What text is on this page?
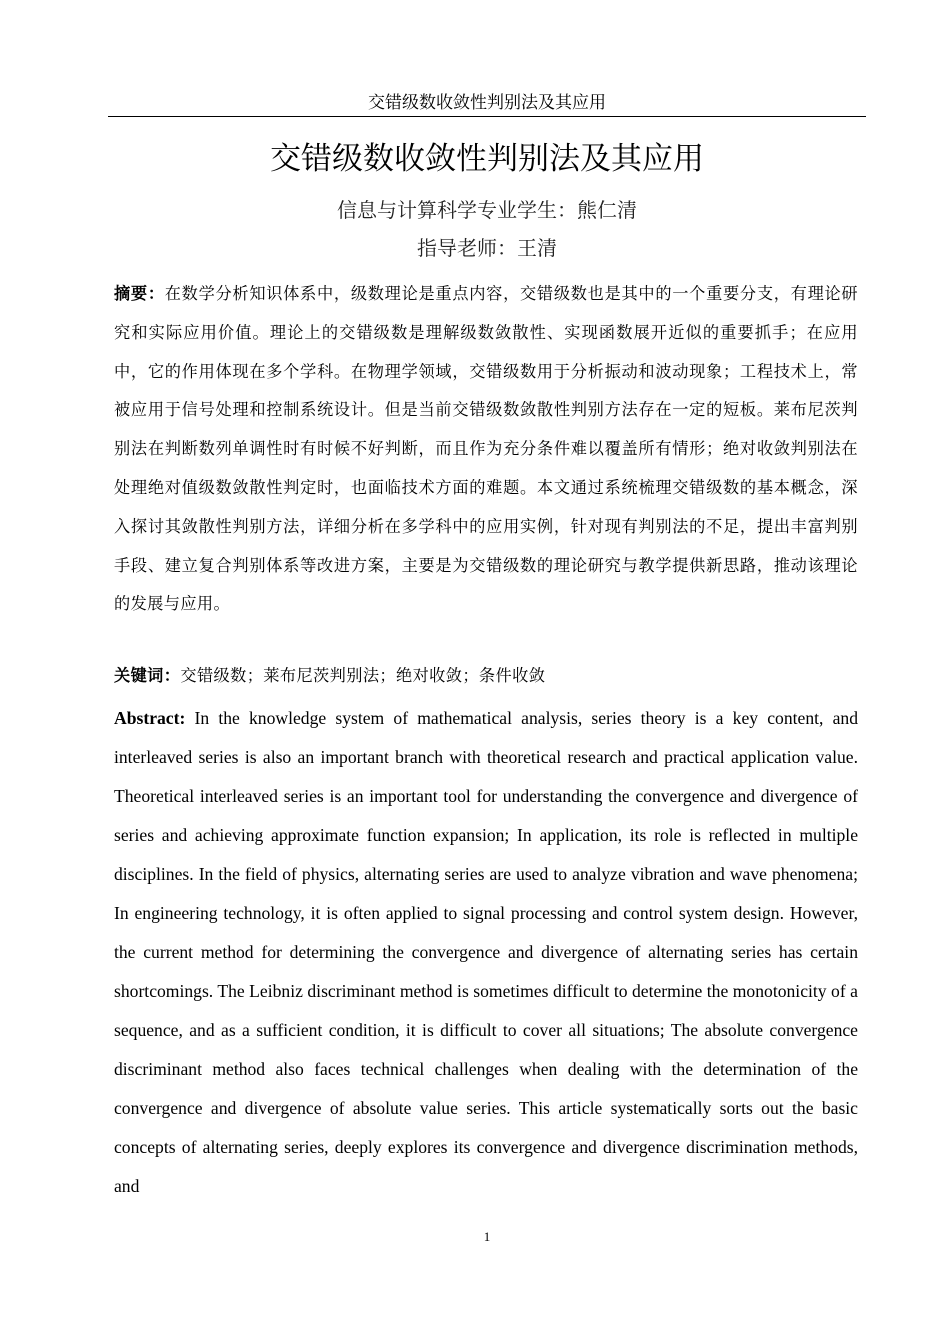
交错级数收敛性判别法及其应用
交错级数收敛性判别法及其应用
信息与计算科学专业学生：熊仁清
指导老师：王清
摘要：在数学分析知识体系中，级数理论是重点内容，交错级数也是其中的一个重要分支，有理论研究和实际应用价值。理论上的交错级数是理解级数敛散性、实现函数展开近似的重要抓手；在应用中，它的作用体现在多个学科。在物理学领域，交错级数用于分析振动和波动现象；工程技术上，常被应用于信号处理和控制系统设计。但是当前交错级数敛散性判别方法存在一定的短板。莱布尼茨判别法在判断数列单调性时有时候不好判断，而且作为充分条件难以覆盖所有情形；绝对收敛判别法在处理绝对值级数敛散性判定时，也面临技术方面的难题。本文通过系统梳理交错级数的基本概念，深入探讨其敛散性判别方法，详细分析在多学科中的应用实例，针对现有判别法的不足，提出丰富判别手段、建立复合判别体系等改进方案，主要是为交错级数的理论研究与教学提供新思路，推动该理论的发展与应用。
关键词：交错级数；莱布尼茨判别法；绝对收敛；条件收敛
Abstract: In the knowledge system of mathematical analysis, series theory is a key content, and interleaved series is also an important branch with theoretical research and practical application value. Theoretical interleaved series is an important tool for understanding the convergence and divergence of series and achieving approximate function expansion; In application, its role is reflected in multiple disciplines. In the field of physics, alternating series are used to analyze vibration and wave phenomena; In engineering technology, it is often applied to signal processing and control system design. However, the current method for determining the convergence and divergence of alternating series has certain shortcomings. The Leibniz discriminant method is sometimes difficult to determine the monotonicity of a sequence, and as a sufficient condition, it is difficult to cover all situations; The absolute convergence discriminant method also faces technical challenges when dealing with the determination of the convergence and divergence of absolute value series. This article systematically sorts out the basic concepts of alternating series, deeply explores its convergence and divergence discrimination methods, and
1
